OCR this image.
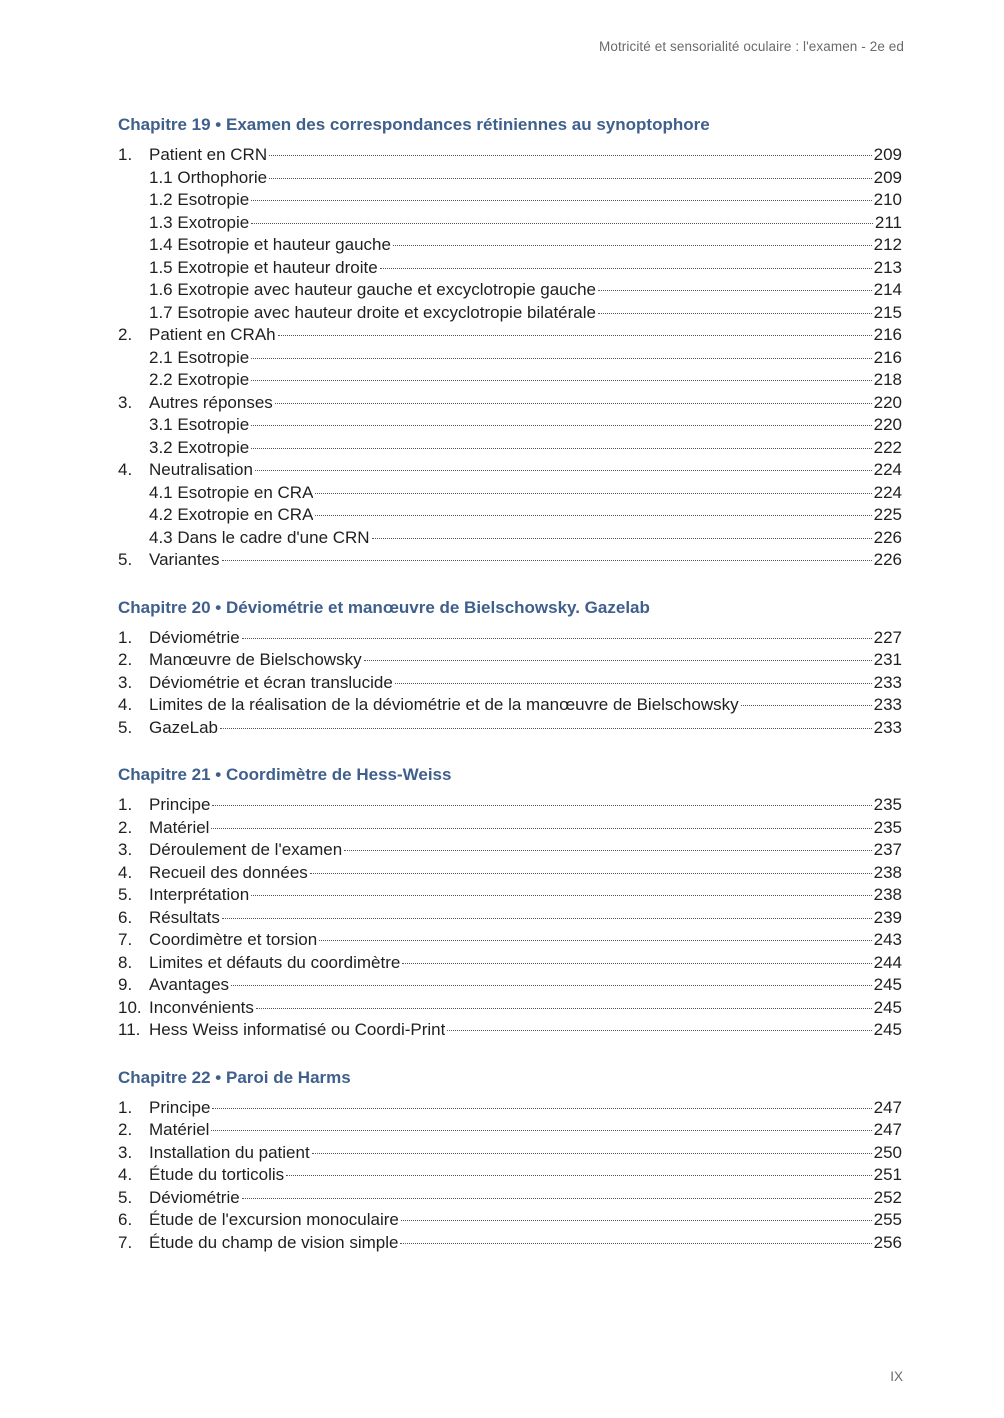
Motricité et sensorialité oculaire : l'examen - 2e ed
Chapitre 19 • Examen des correspondances rétiniennes au synoptophore
1. Patient en CRN	209
1.1 Orthophorie	209
1.2 Esotropie	210
1.3 Exotropie	211
1.4 Esotropie et hauteur gauche	212
1.5 Exotropie et hauteur droite	213
1.6 Exotropie avec hauteur gauche et excyclotropie gauche	214
1.7 Esotropie avec hauteur droite et excyclotropie bilatérale	215
2. Patient en CRAh	216
2.1 Esotropie	216
2.2 Exotropie	218
3. Autres réponses	220
3.1 Esotropie	220
3.2 Exotropie	222
4. Neutralisation	224
4.1 Esotropie en CRA	224
4.2 Exotropie en CRA	225
4.3 Dans le cadre d'une CRN	226
5. Variantes	226
Chapitre 20 • Déviométrie et manœuvre de Bielschowsky. Gazelab
1. Déviométrie	227
2. Manœuvre de Bielschowsky	231
3. Déviométrie et écran translucide	233
4. Limites de la réalisation de la déviométrie et de la manœuvre de Bielschowsky	233
5. GazeLab	233
Chapitre 21 • Coordimètre de Hess-Weiss
1. Principe	235
2. Matériel	235
3. Déroulement de l'examen	237
4. Recueil des données	238
5. Interprétation	238
6. Résultats	239
7. Coordimètre et torsion	243
8. Limites et défauts du coordimètre	244
9. Avantages	245
10. Inconvénients	245
11. Hess Weiss informatisé ou Coordi-Print	245
Chapitre 22 • Paroi de Harms
1. Principe	247
2. Matériel	247
3. Installation du patient	250
4. Étude du torticolis	251
5. Déviométrie	252
6. Étude de l'excursion monoculaire	255
7. Étude du champ de vision simple	256
IX
